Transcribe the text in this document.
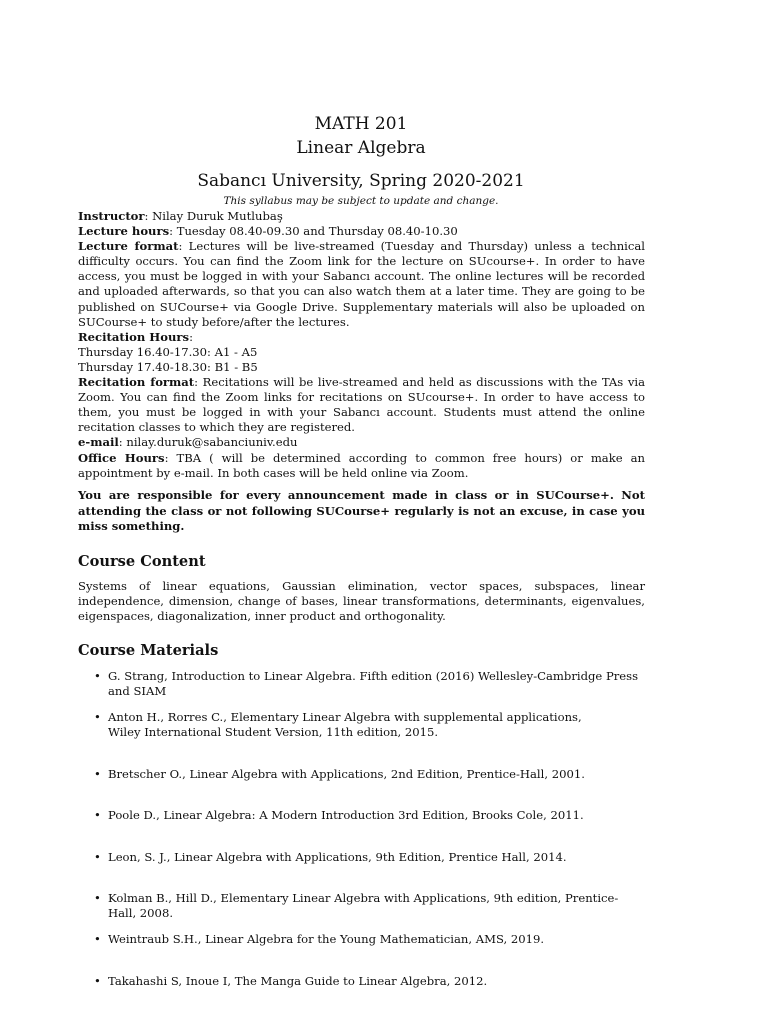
MATH 201
Linear Algebra
Sabancı University, Spring 2020-2021
This syllabus may be subject to update and change.

Instructor: Nilay Duruk Mutlubaş

Lecture hours: Tuesday 08.40-09.30 and Thursday 08.40-10.30

Lecture format: Lectures will be live-streamed (Tuesday and Thursday) unless a technical difficulty occurs. You can find the Zoom link for the lecture on SUcourse+. In order to have access, you must be logged in with your Sabancı account. The online lectures will be recorded and uploaded afterwards, so that you can also watch them at a later time. They are going to be published on SUCourse+ via Google Drive. Supplementary materials will also be uploaded on SUCourse+ to study before/after the lectures.

Recitation Hours:

Thursday 16.40-17.30: A1 - A5

Thursday 17.40-18.30: B1 - B5

Recitation format: Recitations will be live-streamed and held as discussions with the TAs via Zoom. You can find the Zoom links for recitations on SUcourse+. In order to have access to them, you must be logged in with your Sabancı account. Students must attend the online recitation classes to which they are registered.

e-mail: nilay.duruk@sabanciuniv.edu

Office Hours: TBA ( will be determined according to common free hours) or make an appointment by e-mail. In both cases will be held online via Zoom.

You are responsible for every announcement made in class or in SUCourse+. Not attending the class or not following SUCourse+ regularly is not an excuse, in case you miss something.
Course Content
Systems of linear equations, Gaussian elimination, vector spaces, subspaces, linear independence, dimension, change of bases, linear transformations, determinants, eigenvalues, eigenspaces, diagonalization, inner product and orthogonality.
Course Materials
• G. Strang, Introduction to Linear Algebra. Fifth edition (2016) Wellesley-Cambridge Press and SIAM
• Anton H., Rorres C., Elementary Linear Algebra with supplemental applications,
Wiley International Student Version, 11th edition, 2015.
• Bretscher O., Linear Algebra with Applications, 2nd Edition, Prentice-Hall, 2001.
• Poole D., Linear Algebra: A Modern Introduction 3rd Edition, Brooks Cole, 2011.
• Leon, S. J., Linear Algebra with Applications, 9th Edition, Prentice Hall, 2014.
• Kolman B., Hill D., Elementary Linear Algebra with Applications, 9th edition, Prentice-Hall, 2008.
• Weintraub S.H., Linear Algebra for the Young Mathematician, AMS, 2019.
• Takahashi S, Inoue I, The Manga Guide to Linear Algebra, 2012.
